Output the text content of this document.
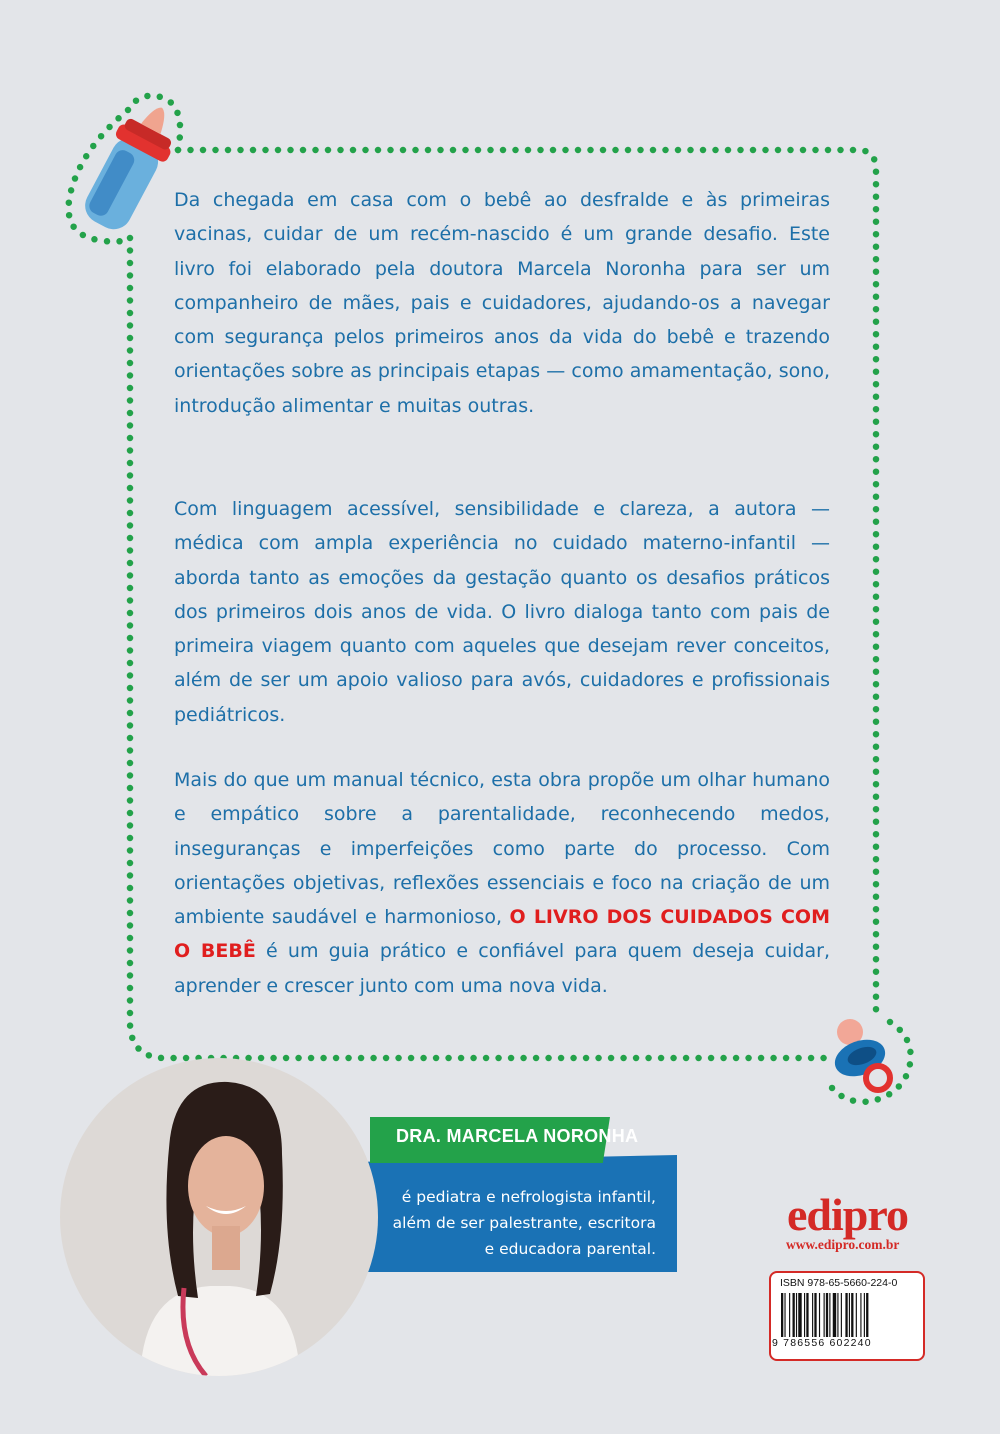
Da chegada em casa com o bebê ao desfralde e às primeiras vacinas, cuidar de um recém-nascido é um grande desafio. Este livro foi elaborado pela doutora Marcela Noronha para ser um companheiro de mães, pais e cuidadores, ajudando-os a navegar com segurança pelos primeiros anos da vida do bebê e trazendo orientações sobre as principais etapas — como amamentação, sono, introdução alimentar e muitas outras.

Com linguagem acessível, sensibilidade e clareza, a autora — médica com ampla experiência no cuidado materno-infantil — aborda tanto as emoções da gestação quanto os desafios práticos dos primeiros dois anos de vida. O livro dialoga tanto com pais de primeira viagem quanto com aqueles que desejam rever conceitos, além de ser um apoio valioso para avós, cuidadores e profissionais pediátricos.

Mais do que um manual técnico, esta obra propõe um olhar humano e empático sobre a parentalidade, reconhecendo medos, inseguranças e imperfeições como parte do processo. Com orientações objetivas, reflexões essenciais e foco na criação de um ambiente saudável e harmonioso, O LIVRO DOS CUIDADOS COM O BEBÊ é um guia prático e confiável para quem deseja cuidar, aprender e crescer junto com uma nova vida.

DRA. MARCELA NORONHA
é pediatra e nefrologista infantil,
além de ser palestrante, escritora
e educadora parental.
edipro
www.edipro.com.br
ISBN 978-65-5660-224-0
9 786556 602240
